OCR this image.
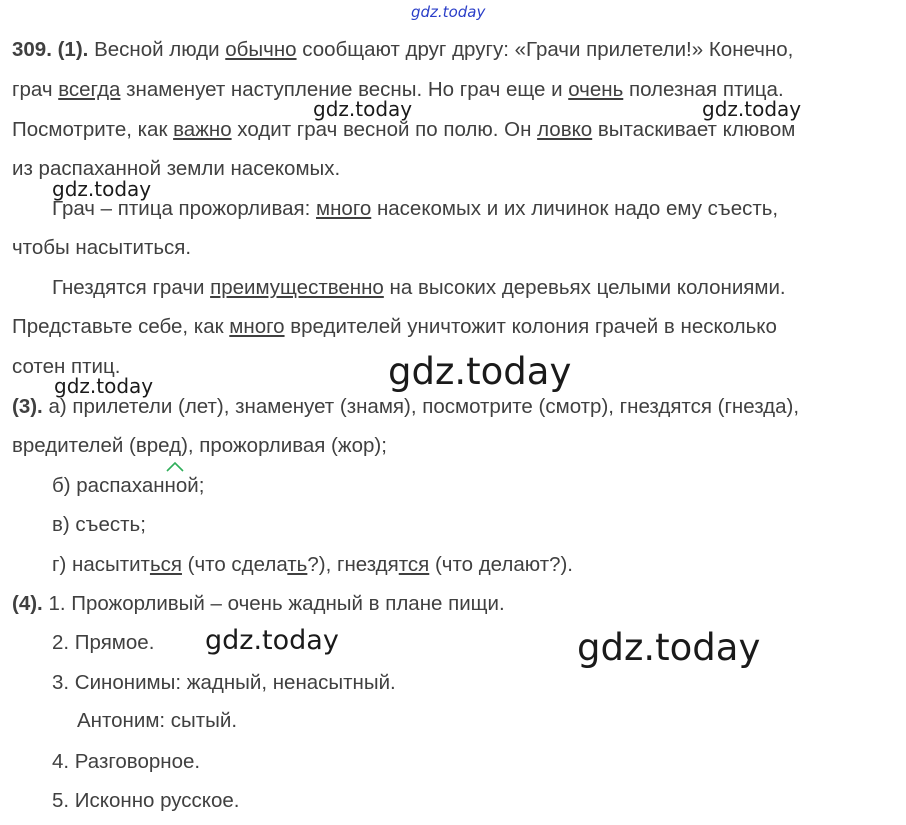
gdz.today
gdz.today	gdz.today
gdz.today
gdz.today
gdz.today
gdz.today	gdz.today
309. (1). Весной люди обычно сообщают друг другу: «Грачи прилетели!» Конечно,
грач всегда знаменует наступление весны. Но грач еще и очень полезная птица.
Посмотрите, как важно ходит грач весной по полю. Он ловко вытаскивает клювом
из распаханной земли насекомых.
Грач – птица прожорливая: много насекомых и их личинок надо ему съесть,
чтобы насытиться.
Гнездятся грачи преимущественно на высоких деревьях целыми колониями.
Представьте себе, как много вредителей уничтожит колония грачей в несколько
сотен птиц.
(3). а) прилетели (лет), знаменует (знамя), посмотрите (смотр), гнездятся (гнезда),
вредителей (вред), прожорливая (жор);
б) распаханной;
в) съесть;
г) насытиться (что сделать?), гнездятся (что делают?).
(4). 1. Прожорливый – очень жадный в плане пищи.
2. Прямое.
3. Синонимы: жадный, ненасытный.
Антоним: сытый.
4. Разговорное.
5. Исконно русское.
